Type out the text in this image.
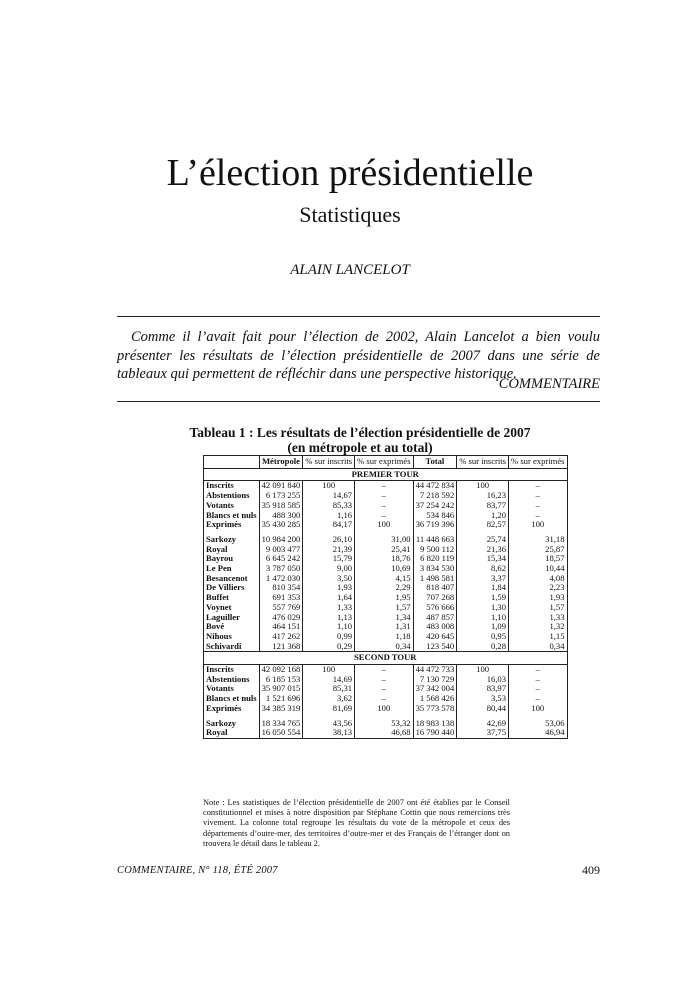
L’élection présidentielle
Statistiques
ALAIN LANCELOT
Comme il l’avait fait pour l’élection de 2002, Alain Lancelot a bien voulu présenter les résultats de l’élection présidentielle de 2007 dans une série de tableaux qui permettent de réfléchir dans une perspective historique.
COMMENTAIRE
Tableau 1 : Les résultats de l’élection présidentielle de 2007
(en métropole et au total)
	Métropole	% sur inscrits	% sur exprimés	Total	% sur inscrits	% sur exprimés
PREMIER TOUR						
Inscrits	42 091 840	100	–	44 472 834	100	–
Abstentions	6 173 255	14,67	–	7 218 592	16,23	–
Votants	35 918 585	85,33	–	37 254 242	83,77	–
Blancs et nuls	488 300	1,16	–	534 846	1,20	–
Exprimés	35 430 285	84,17	100	36 719 396	82,57	100

Sarkozy	10 984 200	26,10	31,00	11 448 663	25,74	31,18
Royal	9 003 477	21,39	25,41	9 500 112	21,36	25,87
Bayrou	6 645 242	15,79	18,76	6 820 119	15,34	18,57
Le Pen	3 787 050	9,00	10,69	3 834 530	8,62	10,44
Besancenot	1 472 030	3,50	4,15	1 498 581	3,37	4,08
De Villiers	810 354	1,93	2,29	818 407	1,84	2,23
Buffet	691 353	1,64	1,95	707 268	1,59	1,93
Voynet	557 769	1,33	1,57	576 666	1,30	1,57
Laguiller	476 029	1,13	1,34	487 857	1,10	1,33
Bové	464 151	1,10	1,31	483 008	1,09	1,32
Nihous	417 262	0,99	1,18	420 645	0,95	1,15
Schivardi	121 368	0,29	0,34	123 540	0,28	0,34
SECOND TOUR						
Inscrits	42 092 168	100	–	44 472 733	100	–
Abstentions	6 185 153	14,69	–	7 130 729	16,03	–
Votants	35 907 015	85,31	–	37 342 004	83,97	–
Blancs et nuls	1 521 696	3,62	–	1 568 426	3,53	–
Exprimés	34 385 319	81,69	100	35 773 578	80,44	100

Sarkozy	18 334 765	43,56	53,32	18 983 138	42,69	53,06
Royal	16 050 554	38,13	46,68	16 790 440	37,75	46,94
Note : Les statistiques de l’élection présidentielle de 2007 ont été établies par le Conseil constitutionnel et mises à notre disposition par Stéphane Cottin que nous remercions très vivement. La colonne total regroupe les résultats du vote de la métropole et ceux des départements d’outre-mer, des territoires d’outre-mer et des Français de l’étranger dont on trouvera le détail dans le tableau 2.
COMMENTAIRE, N° 118, ÉTÉ 2007	409
